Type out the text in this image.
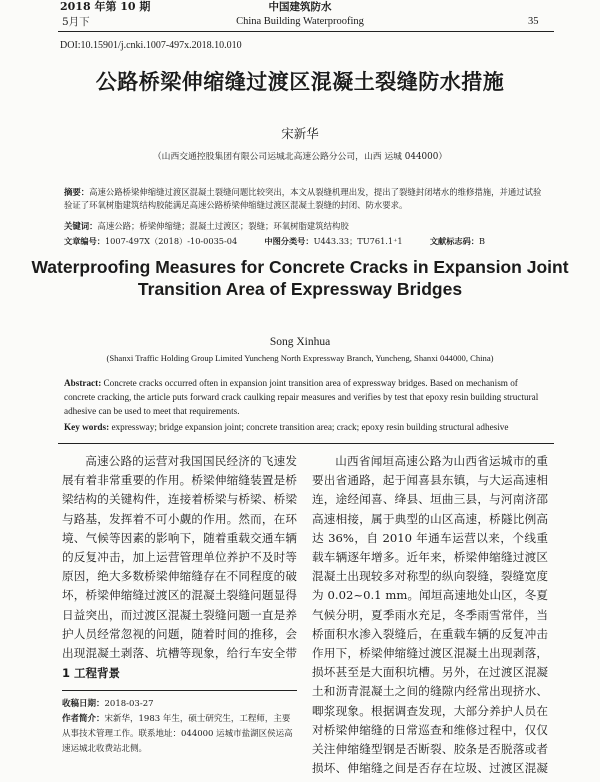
2018 年第 10 期
5月下
中国建筑防水
China Building Waterproofing	35
DOI:10.15901/j.cnki.1007-497x.2018.10.010
公路桥梁伸缩缝过渡区混凝土裂缝防水措施
宋新华
（山西交通控股集团有限公司运城北高速公路分公司，山西 运城 044000）
摘要：高速公路桥梁伸缩缝过渡区混凝土裂缝问题比较突出，本文从裂缝机理出发，提出了裂缝封闭堵水的维修措施，并通过试验验证了环氧树脂建筑结构胶能满足高速公路桥梁伸缩缝过渡区混凝土裂缝的封闭、防水要求。
关键词：高速公路；桥梁伸缩缝；混凝土过渡区；裂缝；环氧树脂建筑结构胶
文章编号：1007-497X（2018）-10-0035-04	中图分类号：U443.33；TU761.1⁺1	文献标志码：B
Waterproofing Measures for Concrete Cracks in Expansion Joint Transition Area of Expressway Bridges
Song Xinhua
(Shanxi Traffic Holding Group Limited Yuncheng North Expressway Branch, Yuncheng, Shanxi 044000, China)
Abstract: Concrete cracks occurred often in expansion joint transition area of expressway bridges. Based on mechanism of concrete cracking, the article puts forward crack caulking repair measures and verifies by test that epoxy resin building structural adhesive can be used to meet that requirements.
Key words: expressway; bridge expansion joint; concrete transition area; crack; epoxy resin building structural adhesive

高速公路的运营对我国国民经济的飞速发展有着非常重要的作用。桥梁伸缩缝装置是桥梁结构的关键构件，连接着桥梁与桥梁、桥梁与路基，发挥着不可小觑的作用。然而，在环境、气候等因素的影响下，随着重载交通车辆的反复冲击，加上运营管理单位养护不及时等原因，绝大多数桥梁伸缩缝存在不同程度的破坏，桥梁伸缩缝过渡区的混凝土裂缝问题显得日益突出，而过渡区混凝土裂缝问题一直是养护人员经常忽视的问题，随着时间的推移，会出现混凝土剥落、坑槽等现象，给行车安全带

1 工程背景
收稿日期：2018-03-27
作者简介：宋新华，1983 年生，硕士研究生，工程师，主要从事技术管理工作。联系地址：044000 运城市盐湖区侯运高速运城北收费站北侧。

山西省闻垣高速公路为山西省运城市的重要出省通路，起于闻喜县东镇，与大运高速相连，途经闻喜、绛县、垣曲三县，与河南济邵高速相接，属于典型的山区高速，桥隧比例高达 36%，自 2010 年通车运营以来，个线重载车辆逐年增多。近年来，桥梁伸缩缝过渡区混凝土出现较多对称型的纵向裂缝，裂缝宽度为 0.02~0.1 mm。闻垣高速地处山区，冬夏气候分明，夏季雨水充足，冬季雨雪常伴，当桥面积水渗入裂缝后，在重载车辆的反复冲击作用下，桥梁伸缩缝过渡区混凝土出现剥落，损坏甚至是大面积坑槽。另外，在过渡区混凝土和沥青混凝土之间的缝隙内经常出现挤水、唧浆现象。根据调查发现，大部分养护人员在对桥梁伸缩缝的日常巡查和维修过程中，仅仅关注伸缩缝型钢是否断裂、胶条是否脱落或者损坏、伸缩缝之间是否存在垃圾、过渡区混凝
